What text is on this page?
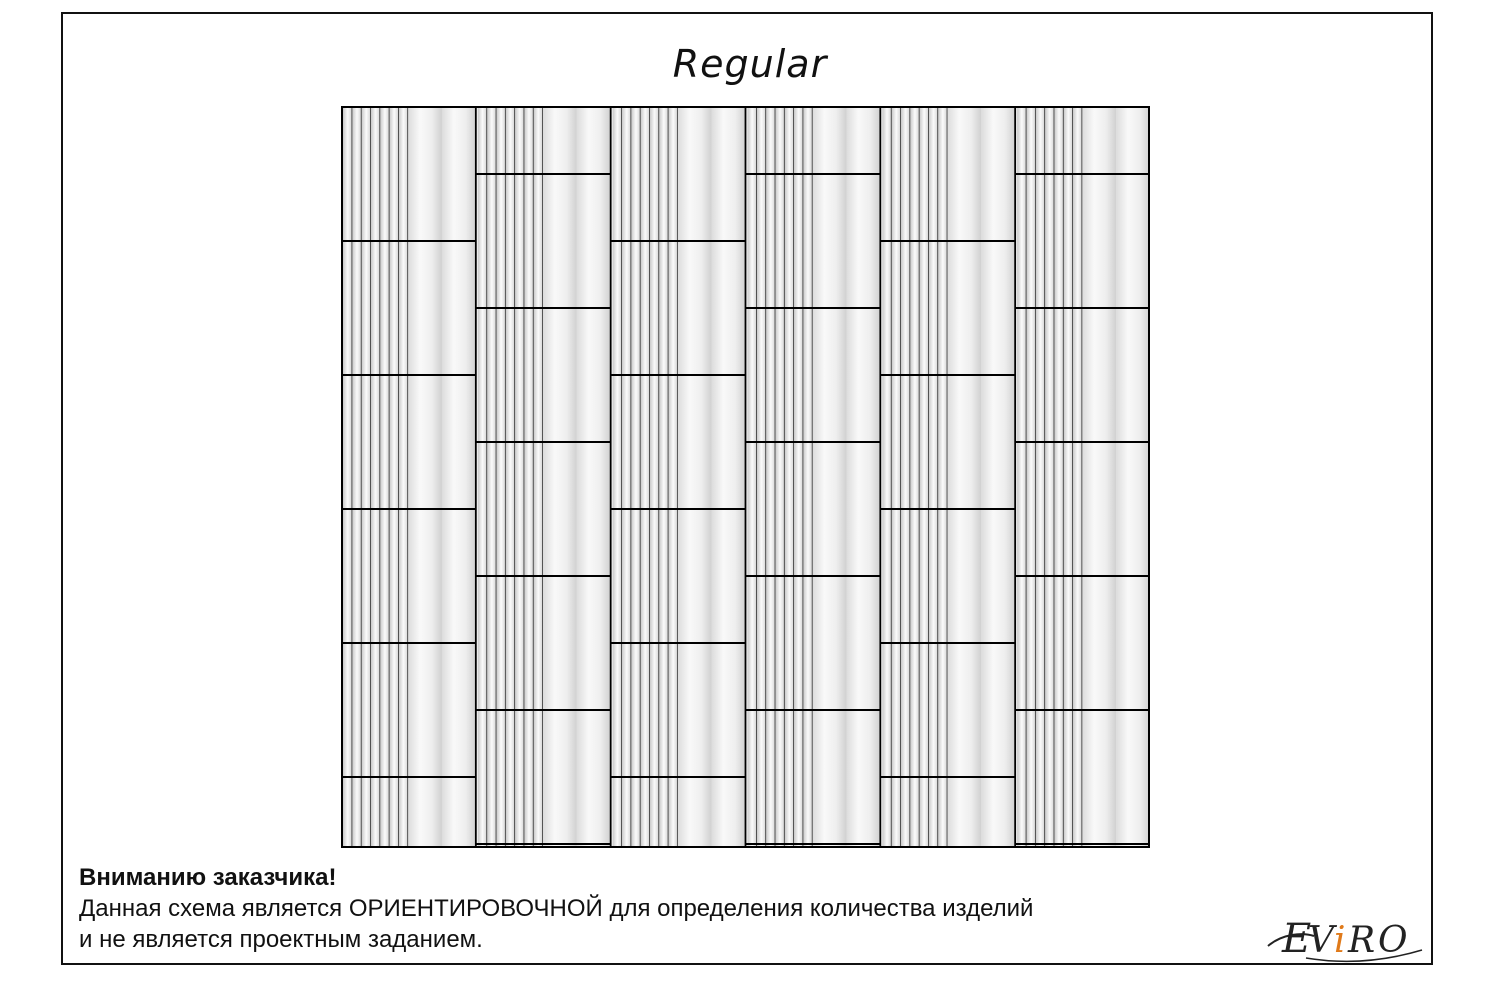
Regular
Вниманию заказчика!
Данная схема является ОРИЕНТИРОВОЧНОЙ для определения количества изделий
и не является проектным заданием.	E
V i R O
